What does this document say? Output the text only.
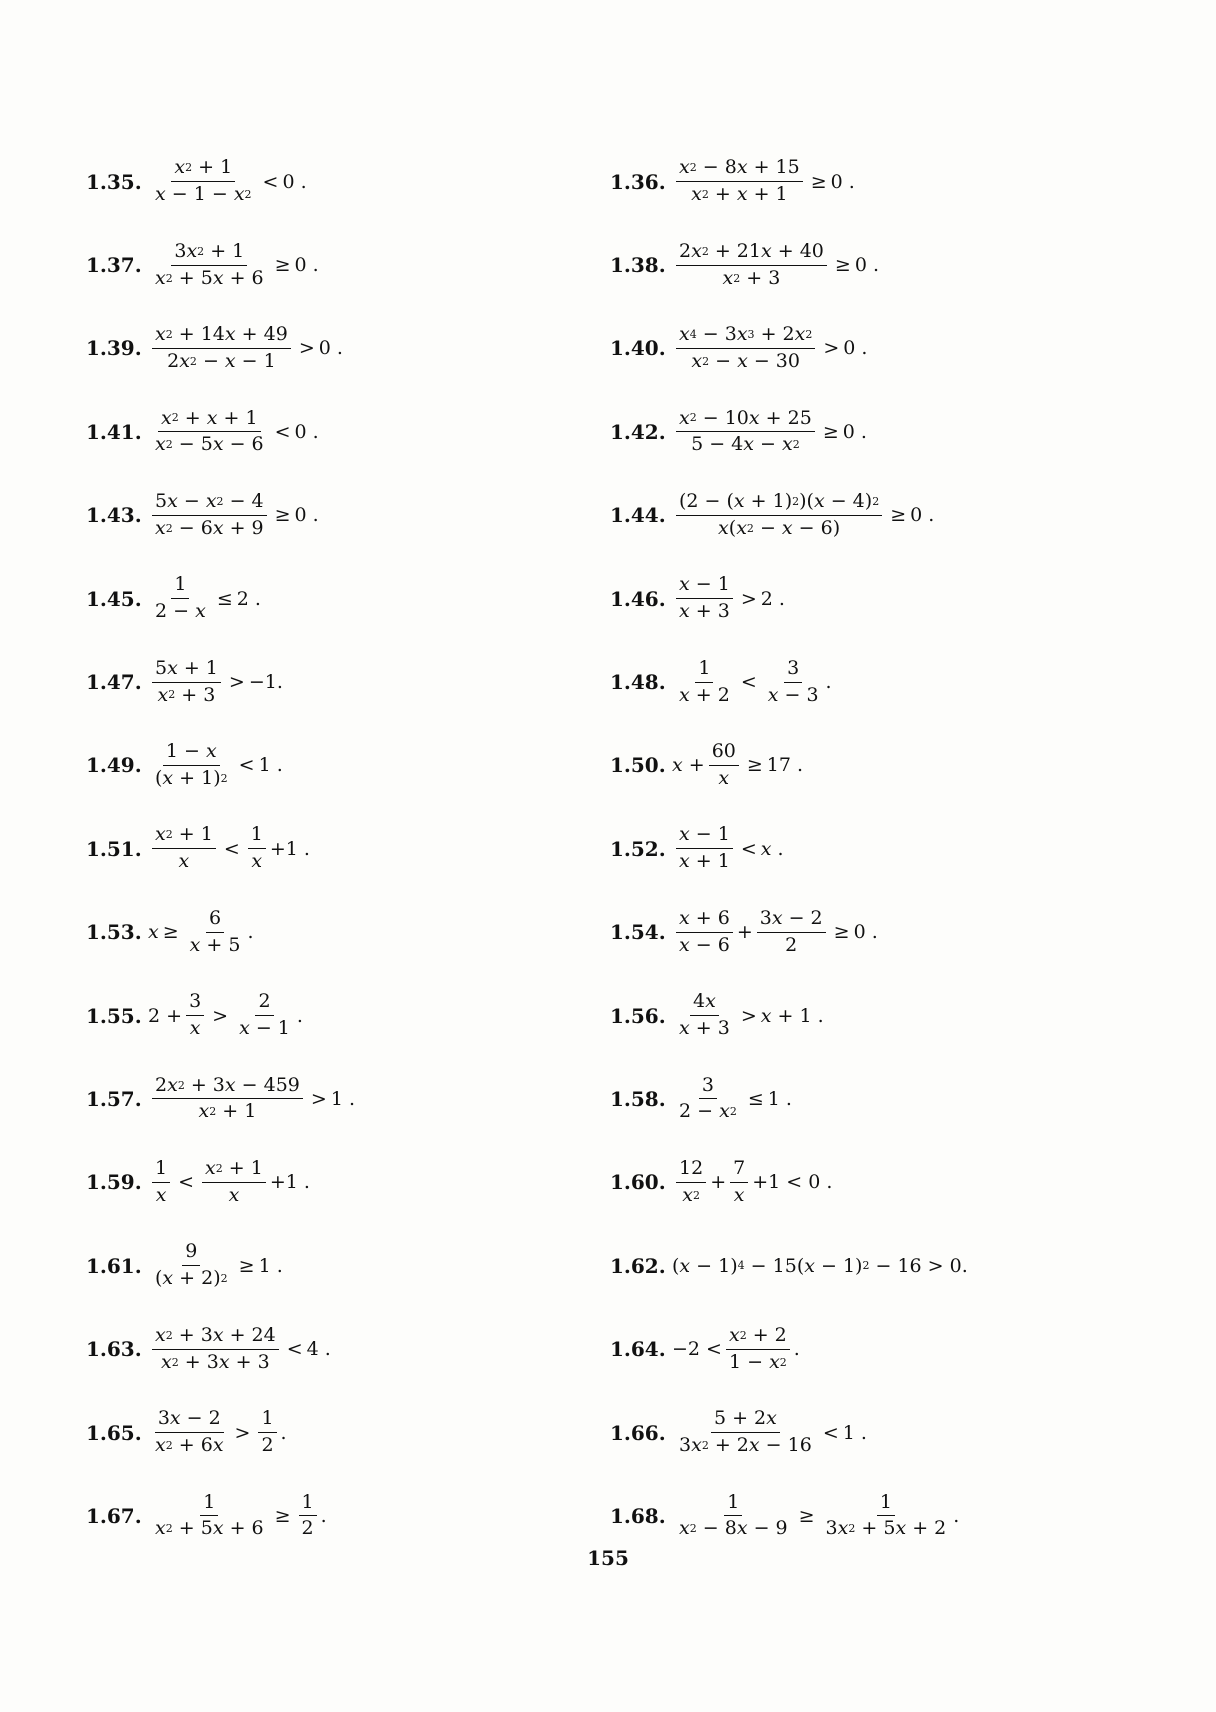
1.35. $\frac{x 2 + 1}{x - 1 - x 2} < 0$ .
1.37. $\frac{3 x 2 + 1}{x 2 + 5 x + 6} \ge 0$ .
1.39. $\frac{x 2 + 14 x + 49}{2 x 2 - x - 1} > 0$ .
1.41. $\frac{x 2 + x + 1}{x 2 - 5 x - 6} < 0$ .
1.43. $\frac{5 x - x 2 - 4}{x 2 - 6 x + 9} \ge 0$ .
1.45. $\frac{1}{2 - x} \le 2$ .
1.47. $\frac{5 x + 1}{x 2 + 3} > -1$.
1.49. $\frac{1 - x}{( x + 1) 2} < 1$ .
1.51. $\frac{x 2 + 1}{x} < \frac{1}{x} +1$ .
1.53. $x \ge \frac{6}{x + 5}$ .
1.55. $2 + \frac{3}{x} > \frac{2}{x - 1}$ .
1.57. $\frac{2 x 2 + 3 x - 459}{x 2 + 1} > 1$ .
1.59. $\frac{1}{x} < \frac{x 2 + 1}{x} +1$ .
1.61. $\frac{9}{( x + 2) 2} \ge 1$ .
1.63. $\frac{x 2 + 3 x + 24}{x 2 + 3 x + 3} < 4$ .
1.65. $\frac{3 x - 2}{x 2 + 6 x} > \frac{1}{2}$ .
1.67. $\frac{1}{x 2 + 5 x + 6} \ge \frac{1}{2}$ .
1.36. $\frac{x 2 - 8 x + 15}{x 2 + x + 1} \ge 0$ .
1.38. $\frac{2 x 2 + 21 x + 40}{x 2 + 3} \ge 0$ .
1.40. $\frac{x 4 - 3 x 3 + 2 x 2}{x 2 - x - 30} > 0$ .
1.42. $\frac{x 2 - 10 x + 25}{5 - 4 x - x 2} \ge 0$ .
1.44. $\frac{(2 - ( x + 1) 2 )( x - 4) 2}{x ( x 2 - x - 6)} \ge 0$ .
1.46. $\frac{x - 1}{x + 3} > 2$ .
1.48. $\frac{1}{x + 2} < \frac{3}{x - 3}$ .
1.50. $x + \frac{60}{x} \ge 17$ .
1.52. $\frac{x - 1}{x + 1} < x$ .
1.54. $\frac{x + 6}{x - 6} + \frac{3 x - 2}{2} \ge 0$ .
1.56. $\frac{4 x}{x + 3} > x + 1$ .
1.58. $\frac{3}{2 - x 2} \le 1$ .
1.60. $\frac{12}{x 2} + \frac{7}{x} +1 < 0$ .
1.62. ( x − 1) 4 − 15( x − 1) 2 − 16 > 0.
1.64. $-2 < \frac{x 2 + 2}{1 - x 2}$ .
1.66. $\frac{5 + 2 x}{3 x 2 + 2 x - 16} < 1$ .
1.68. $\frac{1}{x 2 - 8 x - 9} \ge \frac{1}{3 x 2 + 5 x + 2}$ .
155
